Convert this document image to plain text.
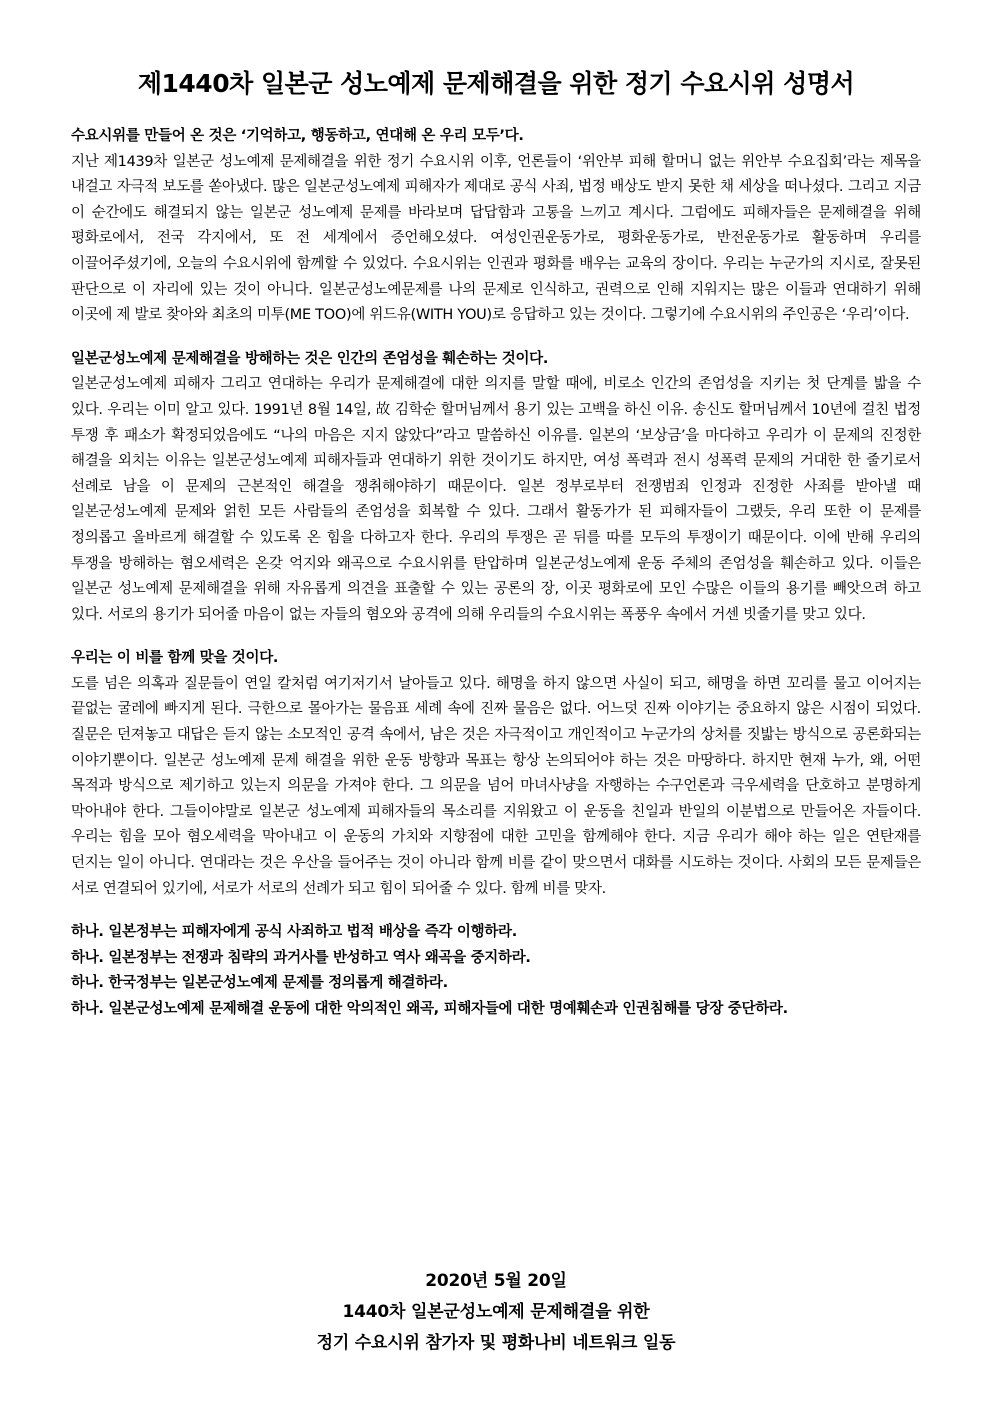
제1440차 일본군 성노예제 문제해결을 위한 정기 수요시위 성명서
수요시위를 만들어 온 것은 ‘기억하고, 행동하고, 연대해 온 우리 모두’다.

지난 제1439차 일본군 성노예제 문제해결을 위한 정기 수요시위 이후, 언론들이 ‘위안부 피해 할머니 없는 위안부 수요집회’라는 제목을 내걸고 자극적 보도를 쏟아냈다. 많은 일본군성노예제 피해자가 제대로 공식 사죄, 법정 배상도 받지 못한 채 세상을 떠나셨다. 그리고 지금 이 순간에도 해결되지 않는 일본군 성노예제 문제를 바라보며 답답함과 고통을 느끼고 계시다. 그럼에도 피해자들은 문제해결을 위해 평화로에서, 전국 각지에서, 또 전 세계에서 증언해오셨다. 여성인권운동가로, 평화운동가로, 반전운동가로 활동하며 우리를 이끌어주셨기에, 오늘의 수요시위에 함께할 수 있었다. 수요시위는 인권과 평화를 배우는 교육의 장이다. 우리는 누군가의 지시로, 잘못된 판단으로 이 자리에 있는 것이 아니다. 일본군성노예문제를 나의 문제로 인식하고, 권력으로 인해 지워지는 많은 이들과 연대하기 위해 이곳에 제 발로 찾아와 최초의 미투(ME TOO)에 위드유(WITH YOU)로 응답하고 있는 것이다. 그렇기에 수요시위의 주인공은 ‘우리’이다.

일본군성노예제 문제해결을 방해하는 것은 인간의 존엄성을 훼손하는 것이다.

일본군성노예제 피해자 그리고 연대하는 우리가 문제해결에 대한 의지를 말할 때에, 비로소 인간의 존엄성을 지키는 첫 단계를 밟을 수 있다. 우리는 이미 알고 있다. 1991년 8월 14일, 故 김학순 할머님께서 용기 있는 고백을 하신 이유. 송신도 할머님께서 10년에 걸친 법정 투쟁 후 패소가 확정되었음에도 “나의 마음은 지지 않았다”라고 말씀하신 이유를. 일본의 ‘보상금’을 마다하고 우리가 이 문제의 진정한 해결을 외치는 이유는 일본군성노예제 피해자들과 연대하기 위한 것이기도 하지만, 여성 폭력과 전시 성폭력 문제의 거대한 한 줄기로서 선례로 남을 이 문제의 근본적인 해결을 쟁취해야하기 때문이다. 일본 정부로부터 전쟁범죄 인정과 진정한 사죄를 받아낼 때 일본군성노예제 문제와 얽힌 모든 사람들의 존엄성을 회복할 수 있다. 그래서 활동가가 된 피해자들이 그랬듯, 우리 또한 이 문제를 정의롭고 올바르게 해결할 수 있도록 온 힘을 다하고자 한다. 우리의 투쟁은 곧 뒤를 따를 모두의 투쟁이기 때문이다. 이에 반해 우리의 투쟁을 방해하는 혐오세력은 온갖 억지와 왜곡으로 수요시위를 탄압하며 일본군성노예제 운동 주체의 존엄성을 훼손하고 있다. 이들은 일본군 성노예제 문제해결을 위해 자유롭게 의견을 표출할 수 있는 공론의 장, 이곳 평화로에 모인 수많은 이들의 용기를 빼앗으려 하고 있다. 서로의 용기가 되어줄 마음이 없는 자들의 혐오와 공격에 의해 우리들의 수요시위는 폭풍우 속에서 거센 빗줄기를 맞고 있다.

우리는 이 비를 함께 맞을 것이다.

도를 넘은 의혹과 질문들이 연일 칼처럼 여기저기서 날아들고 있다. 해명을 하지 않으면 사실이 되고, 해명을 하면 꼬리를 물고 이어지는 끝없는 굴레에 빠지게 된다. 극한으로 몰아가는 물음표 세례 속에 진짜 물음은 없다. 어느덧 진짜 이야기는 중요하지 않은 시점이 되었다. 질문은 던져놓고 대답은 듣지 않는 소모적인 공격 속에서, 남은 것은 자극적이고 개인적이고 누군가의 상처를 짓밟는 방식으로 공론화되는 이야기뿐이다. 일본군 성노예제 문제 해결을 위한 운동 방향과 목표는 항상 논의되어야 하는 것은 마땅하다. 하지만 현재 누가, 왜, 어떤 목적과 방식으로 제기하고 있는지 의문을 가져야 한다. 그 의문을 넘어 마녀사냥을 자행하는 수구언론과 극우세력을 단호하고 분명하게 막아내야 한다. 그들이야말로 일본군 성노예제 피해자들의 목소리를 지워왔고 이 운동을 친일과 반일의 이분법으로 만들어온 자들이다. 우리는 힘을 모아 혐오세력을 막아내고 이 운동의 가치와 지향점에 대한 고민을 함께해야 한다. 지금 우리가 해야 하는 일은 연탄재를 던지는 일이 아니다. 연대라는 것은 우산을 들어주는 것이 아니라 함께 비를 같이 맞으면서 대화를 시도하는 것이다. 사회의 모든 문제들은 서로 연결되어 있기에, 서로가 서로의 선례가 되고 힘이 되어줄 수 있다. 함께 비를 맞자.

하나. 일본정부는 피해자에게 공식 사죄하고 법적 배상을 즉각 이행하라.
하나. 일본정부는 전쟁과 침략의 과거사를 반성하고 역사 왜곡을 중지하라.
하나. 한국정부는 일본군성노예제 문제를 정의롭게 해결하라.
하나. 일본군성노예제 문제해결 운동에 대한 악의적인 왜곡, 피해자들에 대한 명예훼손과 인권침해를 당장 중단하라.
2020년 5월 20일
1440차 일본군성노예제 문제해결을 위한
정기 수요시위 참가자 및 평화나비 네트워크 일동
